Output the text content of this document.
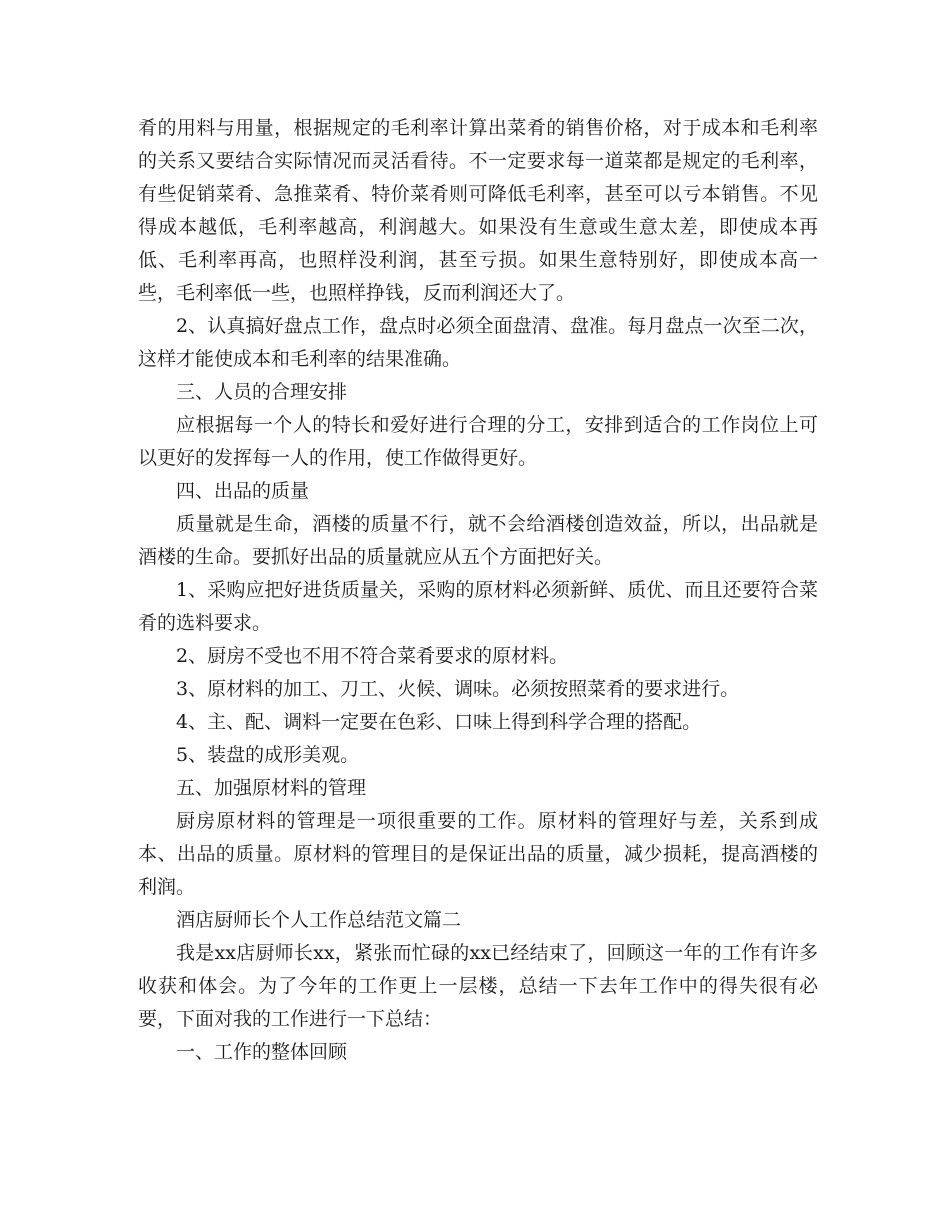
肴的用料与用量，根据规定的毛利率计算出菜肴的销售价格，对于成本和毛利率的关系又要结合实际情况而灵活看待。不一定要求每一道菜都是规定的毛利率，有些促销菜肴、急推菜肴、特价菜肴则可降低毛利率，甚至可以亏本销售。不见得成本越低，毛利率越高，利润越大。如果没有生意或生意太差，即使成本再低、毛利率再高，也照样没利润，甚至亏损。如果生意特别好，即使成本高一些，毛利率低一些，也照样挣钱，反而利润还大了。

2、认真搞好盘点工作，盘点时必须全面盘清、盘准。每月盘点一次至二次，这样才能使成本和毛利率的结果准确。

三、人员的合理安排

应根据每一个人的特长和爱好进行合理的分工，安排到适合的工作岗位上可以更好的发挥每一人的作用，使工作做得更好。

四、出品的质量

质量就是生命，酒楼的质量不行，就不会给酒楼创造效益，所以，出品就是酒楼的生命。要抓好出品的质量就应从五个方面把好关。

1、采购应把好进货质量关，采购的原材料必须新鲜、质优、而且还要符合菜肴的选料要求。

2、厨房不受也不用不符合菜肴要求的原材料。

3、原材料的加工、刀工、火候、调味。必须按照菜肴的要求进行。

4、主、配、调料一定要在色彩、口味上得到科学合理的搭配。

5、装盘的成形美观。

五、加强原材料的管理

厨房原材料的管理是一项很重要的工作。原材料的管理好与差，关系到成本、出品的质量。原材料的管理目的是保证出品的质量，减少损耗，提高酒楼的利润。

酒店厨师长个人工作总结范文篇二

我是xx店厨师长xx，紧张而忙碌的xx已经结束了，回顾这一年的工作有许多收获和体会。为了今年的工作更上一层楼，总结一下去年工作中的得失很有必要，下面对我的工作进行一下总结：

一、工作的整体回顾
